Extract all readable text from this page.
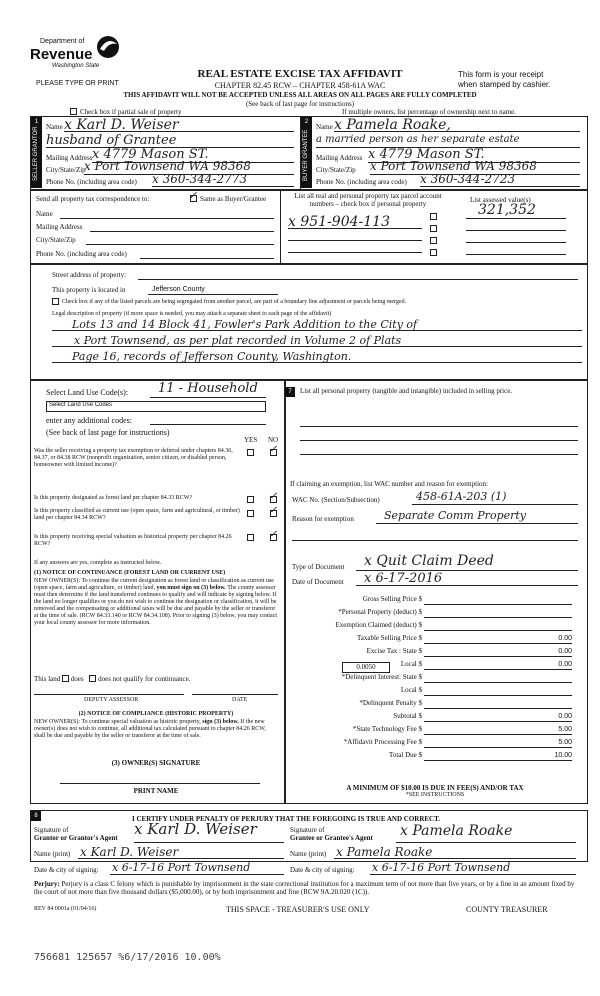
Department of
Revenue
Washington State
PLEASE TYPE OR PRINT
REAL ESTATE EXCISE TAX AFFIDAVIT
CHAPTER 82.45 RCW – CHAPTER 458-61A WAC
THIS AFFIDAVIT WILL NOT BE ACCEPTED UNLESS ALL AREAS ON ALL PAGES ARE FULLY COMPLETED
This form is your receipt
when stamped by cashier.
(See back of last page for instructions)
Check box if partial sale of property	If multiple owners, list percentage of ownership next to name.
1
SELLER GRANTOR
2
BUYER GRANTEE
Name x Karl D. Weiser
husband of Grantee
Mailing Address x 4779 Mason ST.
City/State/Zip
x Port Townsend WA 98368
Phone No. (including area code) x 360-344-2773
Name x Pamela Roake,
a married person as her separate estate
Mailing Address x 4779 Mason ST.
City/State/Zip x Port Townsend WA 98368
Phone No. (including area code) x 360-344-2723
Send all property tax correspondence to:	✓ Same as Buyer/Grantee
Name
Mailing Address
City/State/Zip
Phone No. (including area code)
List all real and personal property tax parcel account numbers – check box if personal property
x 951-904-113
List assessed value(s)
321,352
Street address of property:
This property is located in	Jefferson County
Check box if any of the listed parcels are being segregated from another parcel, are part of a boundary line adjustment or parcels being merged.
Legal description of property (if more space is needed, you may attach a separate sheet to each page of the affidavit)
Lots 13 and 14 Block 41, Fowler's Park Addition to the City of
x Port Townsend, as per plat recorded in Volume 2 of Plats
Page 16, records of Jefferson County, Washington.
Select Land Use Code(s): 11 - Household
Select Land Use Codes
enter any additional codes:
(See back of last page for instructions)
YES NO
Was the seller receiving a property tax exemption or deferral under chapters 84.36, 84.37, or 84.38 RCW (nonprofit organization, senior citizen, or disabled person, homeowner with limited income)?
✓
Is this property designated as forest land per chapter 84.33 RCW?	✓
Is this property classified as current use (open space, farm and agricultural, or timber) land per chapter 84.34 RCW?
✓
Is this property receiving special valuation as historical property per chapter 84.26 RCW?
✓
If any answers are yes, complete as instructed below.
(1) NOTICE OF CONTINUANCE (FOREST LAND OR CURRENT USE)
NEW OWNER(S): To continue the current designation as forest land or classification as current use (open space, farm and agriculture, or timber) land, you must sign on (3) below. The county assessor must then determine if the land transferred continues to qualify and will indicate by signing below. If the land no longer qualifies or you do not wish to continue the designation or classification, it will be removed and the compensating or additional taxes will be due and payable by the seller or transferor at the time of sale. (RCW 84.33.140 or RCW 84.34.108). Prior to signing (3) below, you may contact your local county assessor for more information.
This land does does not qualify for continuance.
DEPUTY ASSESSOR	DATE
(2) NOTICE OF COMPLIANCE (HISTORIC PROPERTY)
NEW OWNER(S): To continue special valuation as historic property, sign (3) below. If the new owner(s) does not wish to continue, all additional tax calculated pursuant to chapter 84.26 RCW, shall be due and payable by the seller or transferor at the time of sale.
(3) OWNER(S) SIGNATURE
PRINT NAME
7	List all personal property (tangible and intangible) included in selling price.
If claiming an exemption, list WAC number and reason for exemption:
WAC No. (Section/Subsection)	458-61A-203 (1)
Reason for exemption	Separate Comm Property
Type of Document x Quit Claim Deed
Date of Document x 6-17-2016
Gross Selling Price $
*Personal Property (deduct) $
Exemption Claimed (deduct) $
Taxable Selling Price $	0.00
Excise Tax : State $	0.00
Local $	0.00
*Delinquent Interest: State $
Local $
*Delinquent Penalty $
Subtotal $	0.00
*State Technology Fee $	5.00
*Affidavit Processing Fee $	5.00
Total Due $	10.00
0.0050
A MINIMUM OF $10.00 IS DUE IN FEE(S) AND/OR TAX
*SEE INSTRUCTIONS
8	I CERTIFY UNDER PENALTY OF PERJURY THAT THE FOREGOING IS TRUE AND CORRECT.
Signature of
Grantor or Grantor's Agent x Karl D. Weiser	Signature of
Grantee or Grantee's Agent x Pamela Roake
Name (print) x Karl D. Weiser	Name (print) x Pamela Roake
Date & city of signing: x 6-17-16 Port Townsend	Date & city of signing: x 6-17-16 Port Townsend
Perjury: Perjury is a class C felony which is punishable by imprisonment in the state correctional institution for a maximum term of not more than five years, or by a fine in an amount fixed by the court of not more than five thousand dollars ($5,000.00), or by both imprisonment and fine (RCW 9A.20.020 (1C)).
REV 84 0001a (01/04/16)	THIS SPACE - TREASURER'S USE ONLY	COUNTY TREASURER
756681 125657 %6/17/2016 10.00%
